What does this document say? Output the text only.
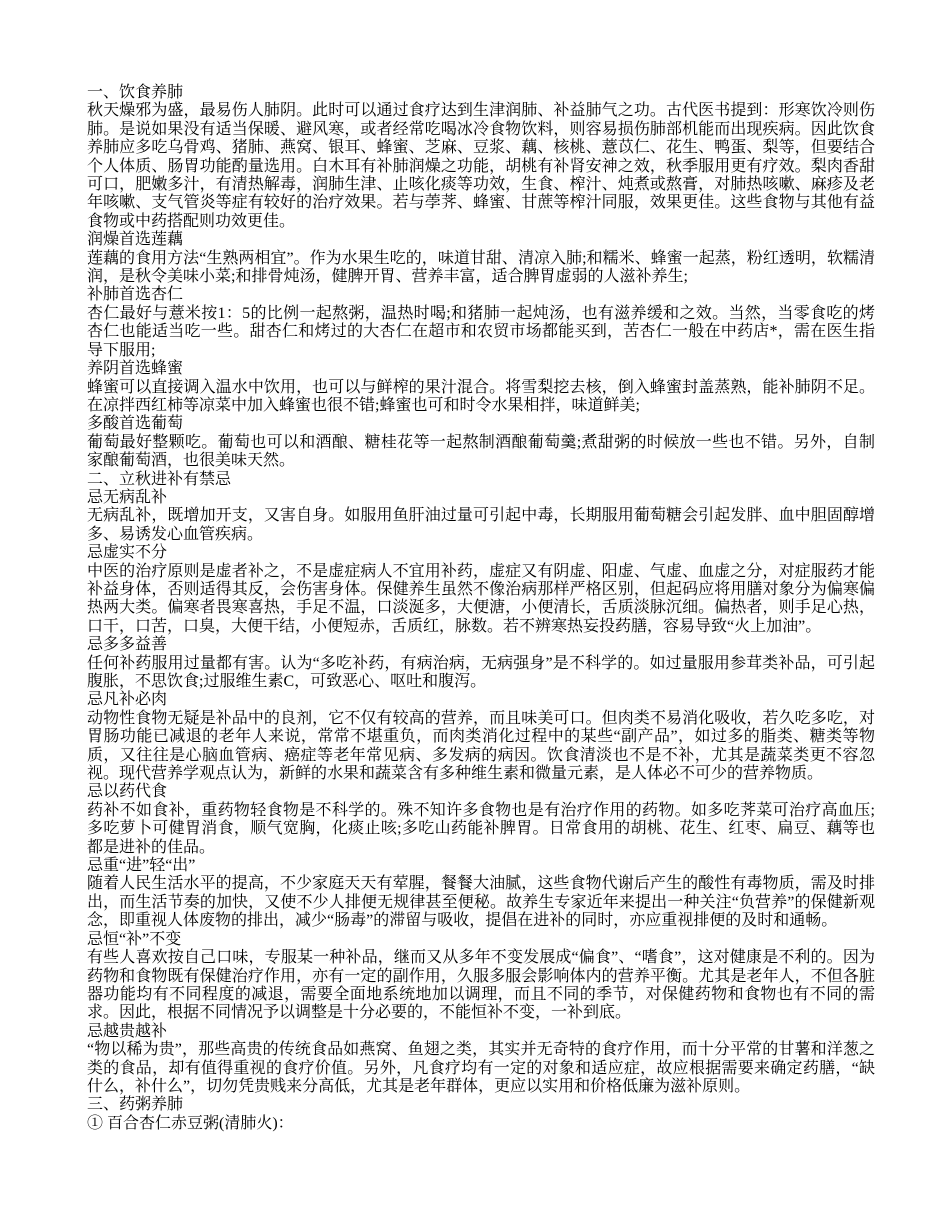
一、饮食养肺

秋天燥邪为盛，最易伤人肺阴。此时可以通过食疗达到生津润肺、补益肺气之功。古代医书提到：形寒饮冷则伤肺。是说如果没有适当保暖、避风寒，或者经常吃喝冰冷食物饮料，则容易损伤肺部机能而出现疾病。因此饮食养肺应多吃乌骨鸡、猪肺、燕窝、银耳、蜂蜜、芝麻、豆浆、藕、核桃、薏苡仁、花生、鸭蛋、梨等，但要结合个人体质、肠胃功能酌量选用。白木耳有补肺润燥之功能，胡桃有补肾安神之效，秋季服用更有疗效。梨肉香甜可口，肥嫩多汁，有清热解毒，润肺生津、止咳化痰等功效，生食、榨汁、炖煮或熬膏，对肺热咳嗽、麻疹及老年咳嗽、支气管炎等症有较好的治疗效果。若与荸荠、蜂蜜、甘蔗等榨汁同服，效果更佳。这些食物与其他有益食物或中药搭配则功效更佳。

润燥首选莲藕

莲藕的食用方法“生熟两相宜”。作为水果生吃的，味道甘甜、清凉入肺;和糯米、蜂蜜一起蒸，粉红透明，软糯清润，是秋令美味小菜;和排骨炖汤，健脾开胃、营养丰富，适合脾胃虚弱的人滋补养生;

补肺首选杏仁

杏仁最好与薏米按1：5的比例一起熬粥，温热时喝;和猪肺一起炖汤，也有滋养缓和之效。当然，当零食吃的烤杏仁也能适当吃一些。甜杏仁和烤过的大杏仁在超市和农贸市场都能买到，苦杏仁一般在中药店*，需在医生指导下服用;

养阴首选蜂蜜

蜂蜜可以直接调入温水中饮用，也可以与鲜榨的果汁混合。将雪梨挖去核，倒入蜂蜜封盖蒸熟，能补肺阴不足。在凉拌西红柿等凉菜中加入蜂蜜也很不错;蜂蜜也可和时令水果相拌，味道鲜美;

多酸首选葡萄

葡萄最好整颗吃。葡萄也可以和酒酿、糖桂花等一起熬制酒酿葡萄羹;煮甜粥的时候放一些也不错。另外，自制家酿葡萄酒，也很美味天然。

二、立秋进补有禁忌

忌无病乱补

无病乱补，既增加开支，又害自身。如服用鱼肝油过量可引起中毒，长期服用葡萄糖会引起发胖、血中胆固醇增多、易诱发心血管疾病。

忌虚实不分

中医的治疗原则是虚者补之，不是虚症病人不宜用补药，虚症又有阴虚、阳虚、气虚、血虚之分，对症服药才能补益身体，否则适得其反，会伤害身体。保健养生虽然不像治病那样严格区别，但起码应将用膳对象分为偏寒偏热两大类。偏寒者畏寒喜热，手足不温，口淡涎多，大便溏，小便清长，舌质淡脉沉细。偏热者，则手足心热，口干，口苦，口臭，大便干结，小便短赤，舌质红，脉数。若不辨寒热妄投药膳，容易导致“火上加油”。

忌多多益善

任何补药服用过量都有害。认为“多吃补药，有病治病，无病强身”是不科学的。如过量服用参茸类补品，可引起腹胀，不思饮食;过服维生素C，可致恶心、呕吐和腹泻。

忌凡补必肉

动物性食物无疑是补品中的良剂，它不仅有较高的营养，而且味美可口。但肉类不易消化吸收，若久吃多吃，对胃肠功能已减退的老年人来说，常常不堪重负，而肉类消化过程中的某些“副产品”，如过多的脂类、糖类等物质，又往往是心脑血管病、癌症等老年常见病、多发病的病因。饮食清淡也不是不补，尤其是蔬菜类更不容忽视。现代营养学观点认为，新鲜的水果和蔬菜含有多种维生素和微量元素，是人体必不可少的营养物质。

忌以药代食

药补不如食补，重药物轻食物是不科学的。殊不知许多食物也是有治疗作用的药物。如多吃荠菜可治疗高血压;多吃萝卜可健胃消食，顺气宽胸，化痰止咳;多吃山药能补脾胃。日常食用的胡桃、花生、红枣、扁豆、藕等也都是进补的佳品。

忌重“进”轻“出”

随着人民生活水平的提高，不少家庭天天有荤腥，餐餐大油腻，这些食物代谢后产生的酸性有毒物质，需及时排出，而生活节奏的加快，又使不少人排便无规律甚至便秘。故养生专家近年来提出一种关注“负营养”的保健新观念，即重视人体废物的排出，减少“肠毒”的滞留与吸收，提倡在进补的同时，亦应重视排便的及时和通畅。

忌恒“补”不变

有些人喜欢按自己口味，专服某一种补品，继而又从多年不变发展成“偏食”、“嗜食”，这对健康是不利的。因为药物和食物既有保健治疗作用，亦有一定的副作用，久服多服会影响体内的营养平衡。尤其是老年人，不但各脏器功能均有不同程度的减退，需要全面地系统地加以调理，而且不同的季节，对保健药物和食物也有不同的需求。因此，根据不同情况予以调整是十分必要的，不能恒补不变，一补到底。

忌越贵越补

“物以稀为贵”，那些高贵的传统食品如燕窝、鱼翅之类，其实并无奇特的食疗作用，而十分平常的甘薯和洋葱之类的食品，却有值得重视的食疗价值。另外，凡食疗均有一定的对象和适应症，故应根据需要来确定药膳，“缺什么，补什么”，切勿凭贵贱来分高低，尤其是老年群体，更应以实用和价格低廉为滋补原则。

三、药粥养肺

① 百合杏仁赤豆粥(清肺火)：
